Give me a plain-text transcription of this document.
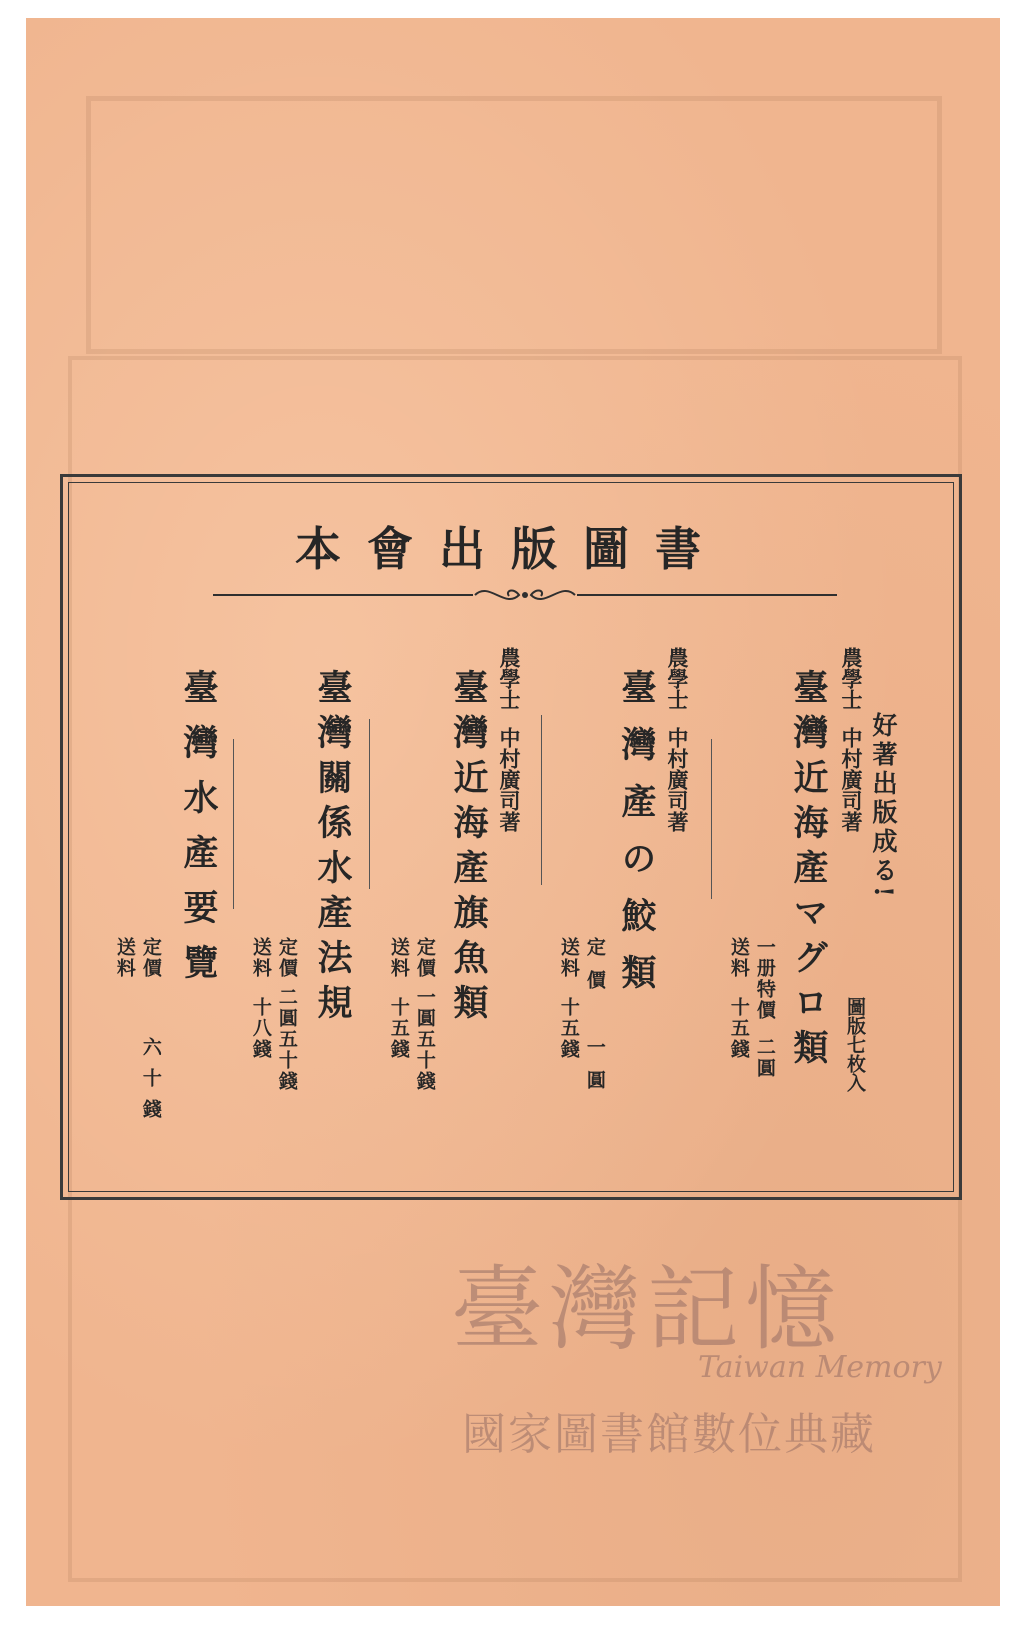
本會出版圖書
好著出版成る!
農學士
中村廣司著
臺灣近海產マグロ類 圖版七枚入
一册特價
二圓
送料
十五錢
農學士
中村廣司著
臺灣產の鮫類
定價
一圓
送料
十五錢
農學士
中村廣司著
臺灣近海產旗魚類
定價
一圓五十錢
送料
十五錢
臺灣關係水產法規
定價
二圓五十錢
送料
十八錢
臺灣水產要覽
定價
六十錢
送料
臺灣記憶
Taiwan Memory
國家圖書館數位典藏
